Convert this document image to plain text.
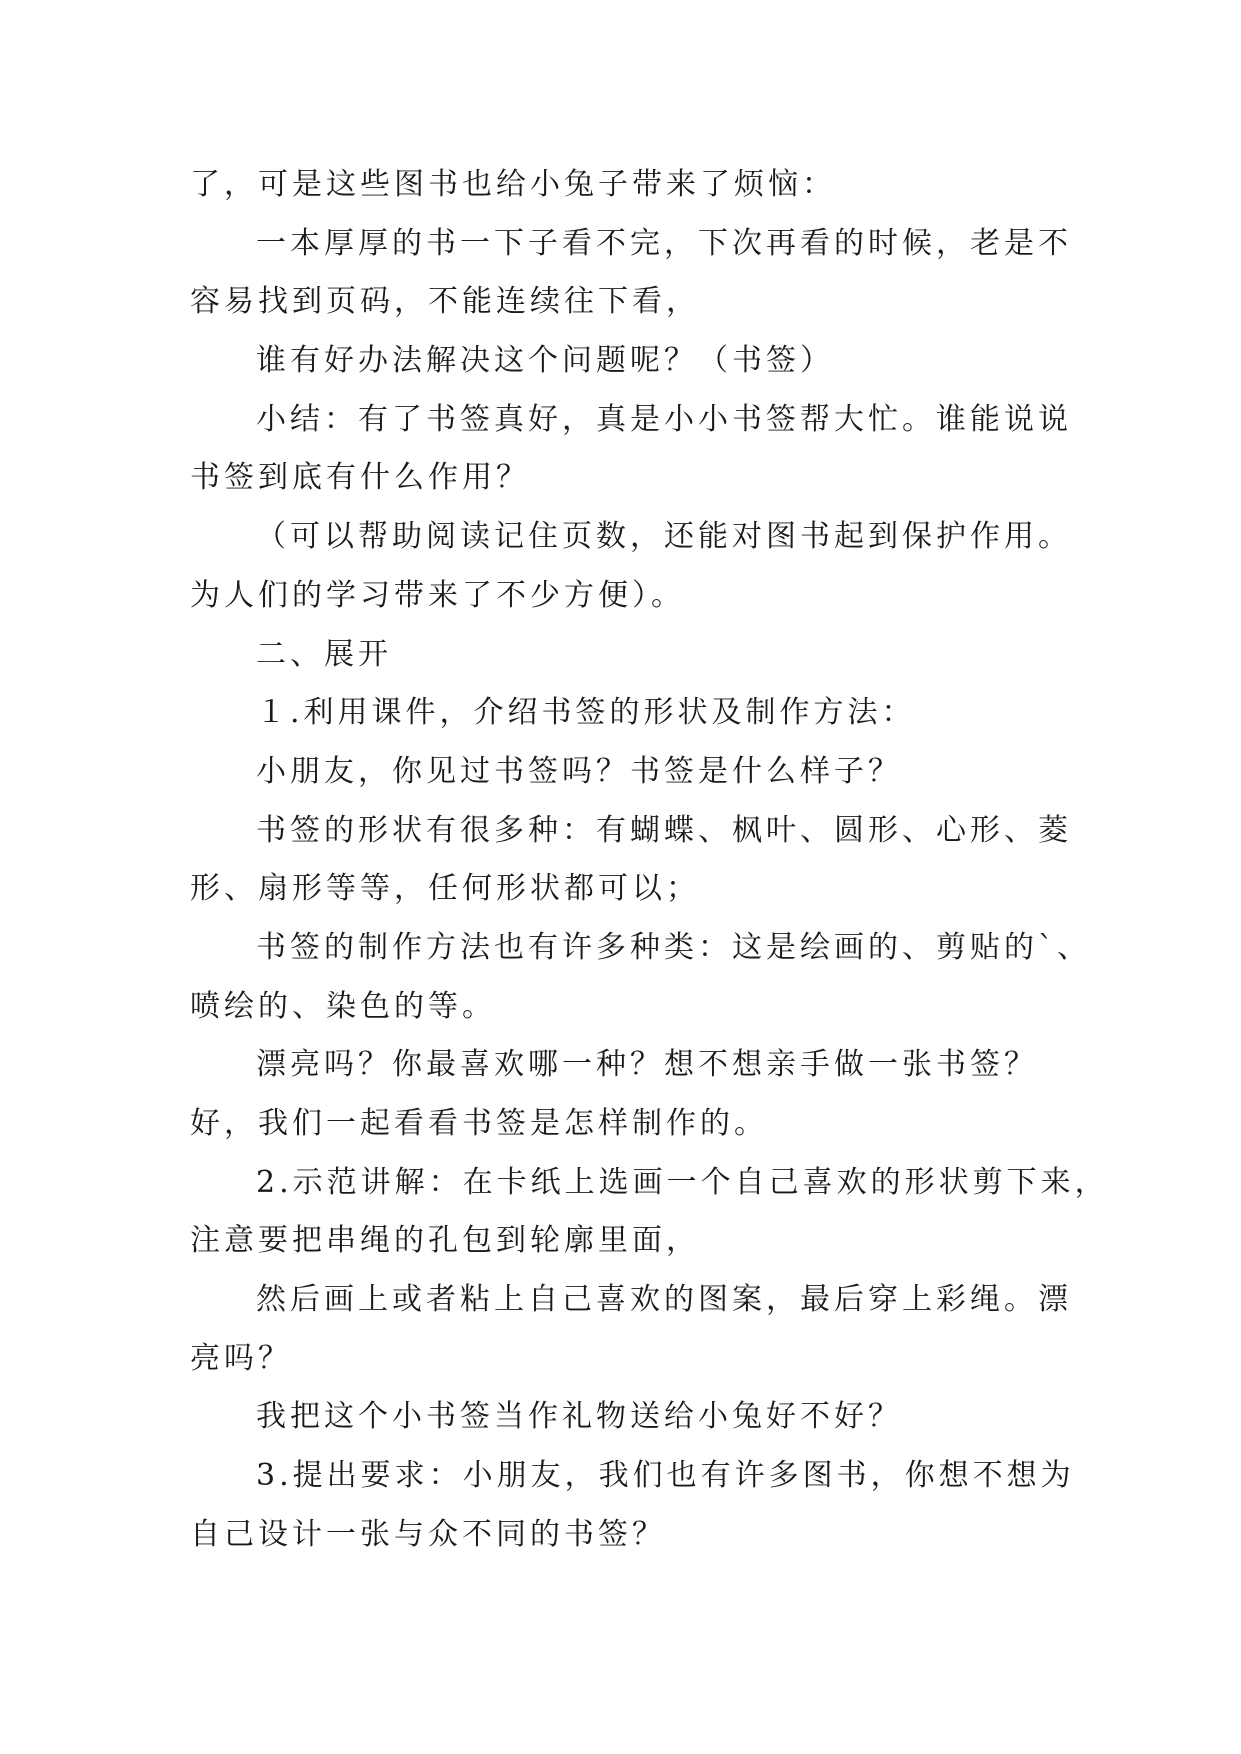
了，可是这些图书也给小兔子带来了烦恼：
一本厚厚的书一下子看不完，下次再看的时候，老是不
容易找到页码，不能连续往下看，
谁有好办法解决这个问题呢？（书签）
小结：有了书签真好，真是小小书签帮大忙。谁能说说
书签到底有什么作用？
（可以帮助阅读记住页数，还能对图书起到保护作用。
为人们的学习带来了不少方便）。
二、展开
１.利用课件，介绍书签的形状及制作方法：
小朋友，你见过书签吗？书签是什么样子？
书签的形状有很多种：有蝴蝶、枫叶、圆形、心形、菱
形、扇形等等，任何形状都可以；
书签的制作方法也有许多种类：这是绘画的、剪贴的`、
喷绘的、染色的等。
漂亮吗？你最喜欢哪一种？想不想亲手做一张书签？
好，我们一起看看书签是怎样制作的。
2.示范讲解：在卡纸上选画一个自己喜欢的形状剪下来，
注意要把串绳的孔包到轮廓里面，
然后画上或者粘上自己喜欢的图案，最后穿上彩绳。漂
亮吗？
我把这个小书签当作礼物送给小兔好不好？
3.提出要求：小朋友，我们也有许多图书，你想不想为
自己设计一张与众不同的书签？
